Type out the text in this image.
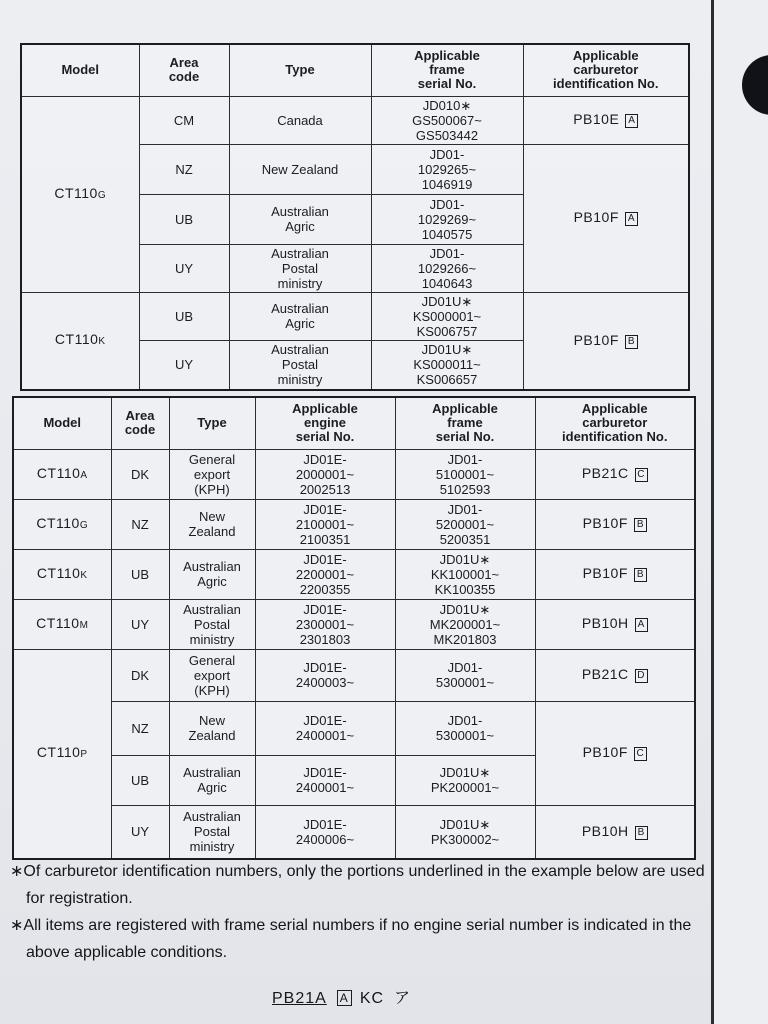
Model	Area
code	Type	Applicable
frame
serial No.	Applicable
carburetor
identification No.
CT110G	CM	Canada	JD010∗
GS500067~
GS503442	PB10E A
	NZ	New Zealand	JD01-
1029265~
1046919	PB10F A
	UB	Australian
Agric	JD01-
1029269~
1040575	
	UY	Australian
Postal
ministry	JD01-
1029266~
1040643	
CT110K	UB	Australian
Agric	JD01U∗
KS000001~
KS006757	PB10F B
	UY	Australian
Postal
ministry	JD01U∗
KS000011~
KS006657	
Model	Area
code	Type	Applicable
engine
serial No.	Applicable
frame
serial No.	Applicable
carburetor
identification No.
CT110A	DK	General
export
(KPH)	JD01E-
2000001~
2002513	JD01-
5100001~
5102593	PB21C C
CT110G	NZ	New
Zealand	JD01E-
2100001~
2100351	JD01-
5200001~
5200351	PB10F B
CT110K	UB	Australian
Agric	JD01E-
2200001~
2200355	JD01U∗
KK100001~
KK100355	PB10F B
CT110M	UY	Australian
Postal
ministry	JD01E-
2300001~
2301803	JD01U∗
MK200001~
MK201803	PB10H A
CT110P	DK	General
export
(KPH)	JD01E-
2400003~	JD01-
5300001~	PB21C D
	NZ	New
Zealand	JD01E-
2400001~	JD01-
5300001~	PB10F C
	UB	Australian
Agric	JD01E-
2400001~	JD01U∗
PK200001~	
	UY	Australian
Postal
ministry	JD01E-
2400006~	JD01U∗
PK300002~	PB10H B
∗Of carburetor identification numbers, only the portions underlined in the example below are used for registration.
∗All items are registered with frame serial numbers if no engine serial number is indicated in the above applicable conditions.
PB21A A KC ア
